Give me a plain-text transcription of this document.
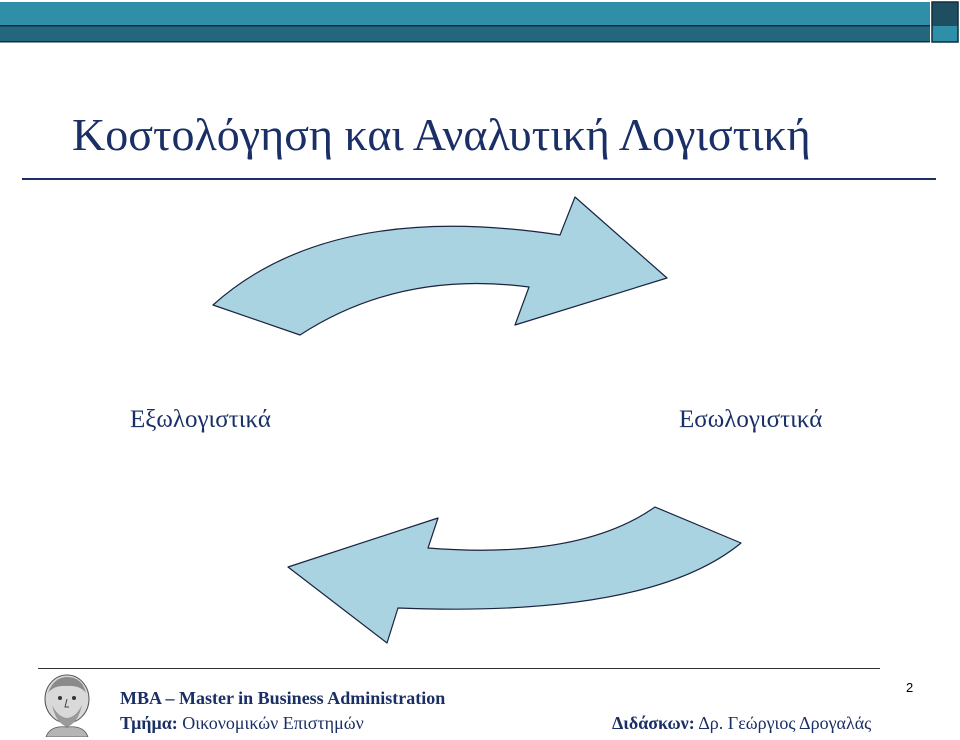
Κοστολόγηση και Αναλυτική Λογιστική
Εξωλογιστικά	Εσωλογιστικά
MBA – Master in Business Administration
Τμήμα: Οικονομικών Επιστημών	Διδάσκων: Δρ. Γεώργιος Δρογαλάς
2
